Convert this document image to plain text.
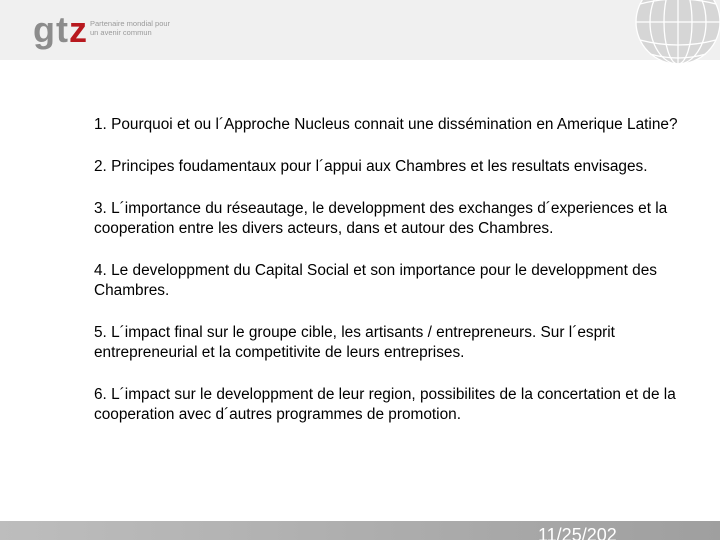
gtz Partenaire mondial pour
un avenir commun

1. Pourquoi et ou l´Approche Nucleus connait une dissémination en Amerique Latine?

2. Principes foudamentaux pour l´appui aux Chambres et les resultats envisages.

3. L´importance du réseautage, le developpment des exchanges d´experiences et la cooperation entre les divers acteurs, dans et autour des Chambres.

4. Le developpment du Capital Social et son importance pour le developpment des Chambres.

5. L´impact final sur le groupe cible, les artisants / entrepreneurs. Sur l´esprit entrepreneurial et la competitivite de leurs entreprises.

6. L´impact sur le developpment de leur region, possibilites de la concertation et de la cooperation avec d´autres programmes de promotion.

11/25/202
